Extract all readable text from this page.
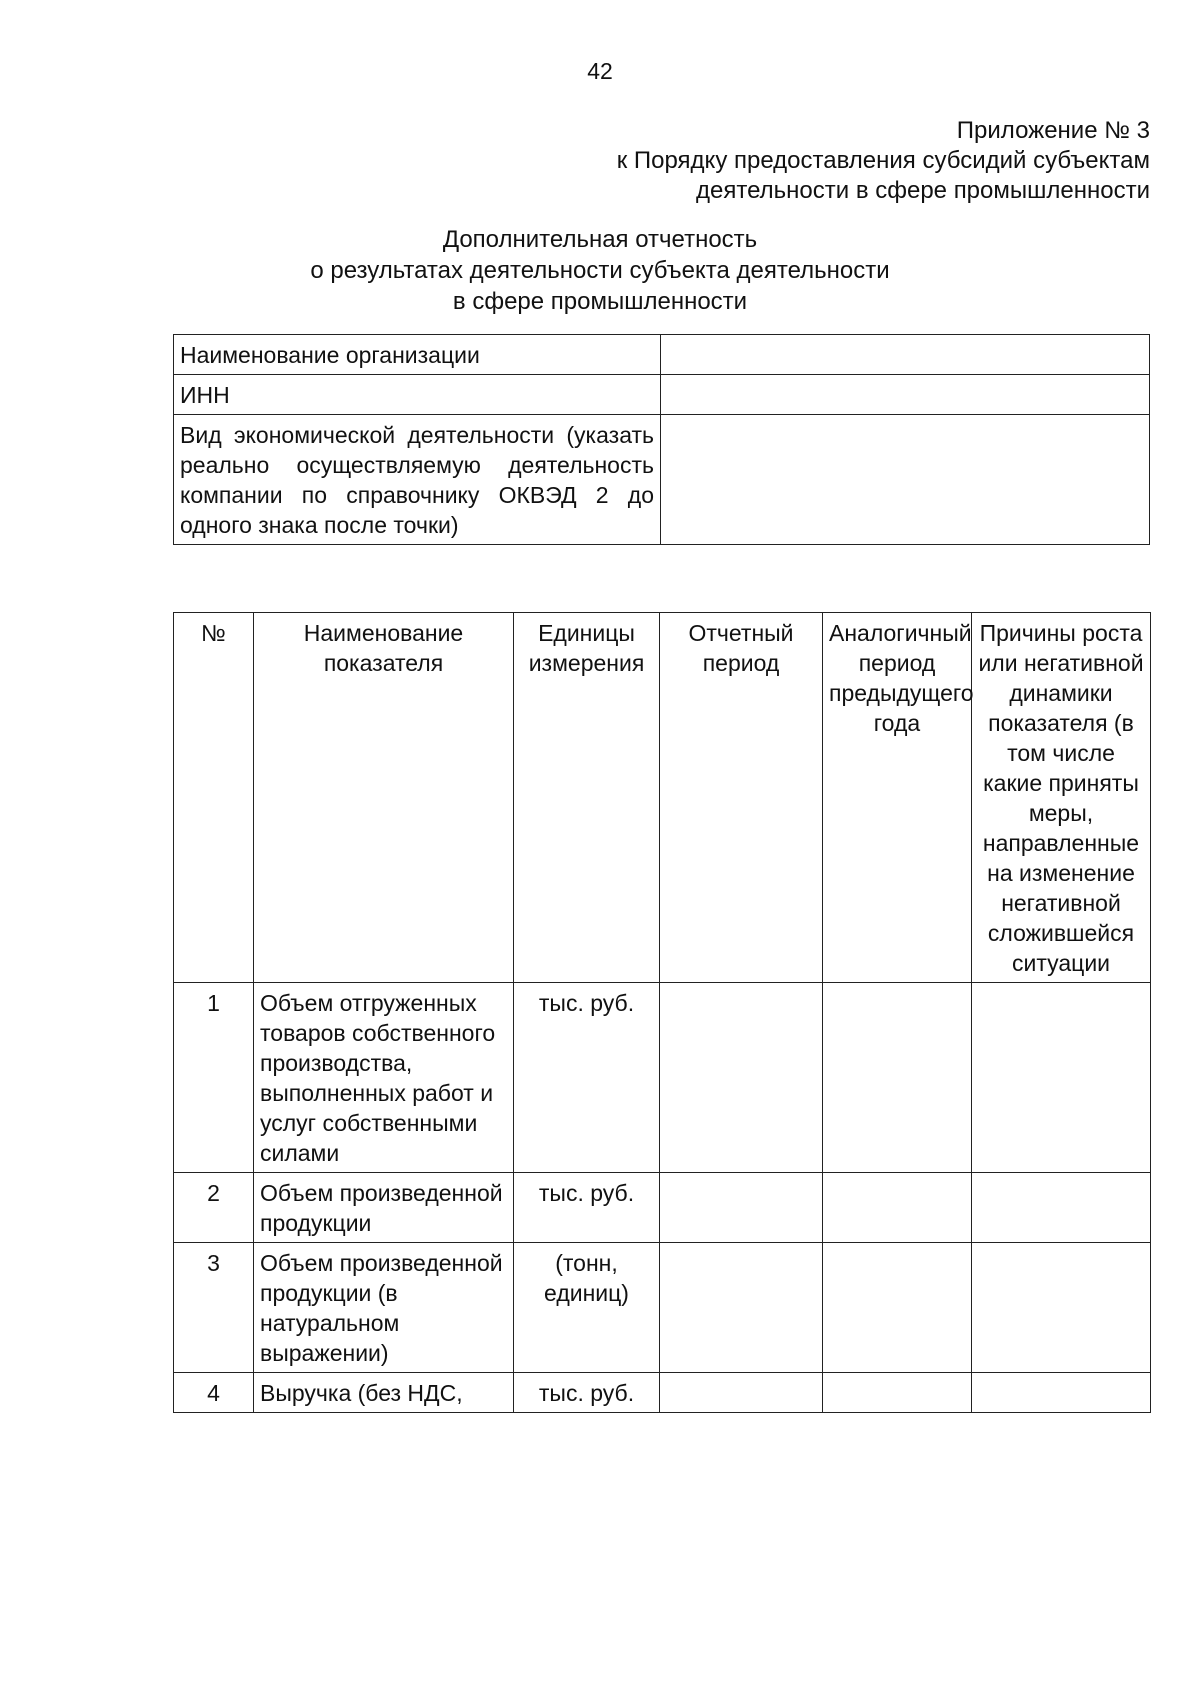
42
Приложение № 3
к Порядку предоставления субсидий субъектам
деятельности в сфере промышленности
Дополнительная отчетность
о результатах деятельности субъекта деятельности
в сфере промышленности
Наименование организации	
ИНН	
Вид экономической деятельности (указать реально осуществляемую деятельность компании по справочнику ОКВЭД 2 до одного знака после точки)	
№	Наименование показателя	Единицы измерения	Отчетный период	Аналогичный период предыдущего года	Причины роста или негативной динамики показателя (в том числе какие приняты меры, направленные на изменение негативной сложившейся ситуации
1	Объем отгруженных товаров собственного производства, выполненных работ и услуг собственными силами	тыс. руб.			
2	Объем произведенной продукции	тыс. руб.			
3	Объем произведенной продукции (в натуральном выражении)	(тонн, единиц)			
4	Выручка (без НДС,	тыс. руб.			
